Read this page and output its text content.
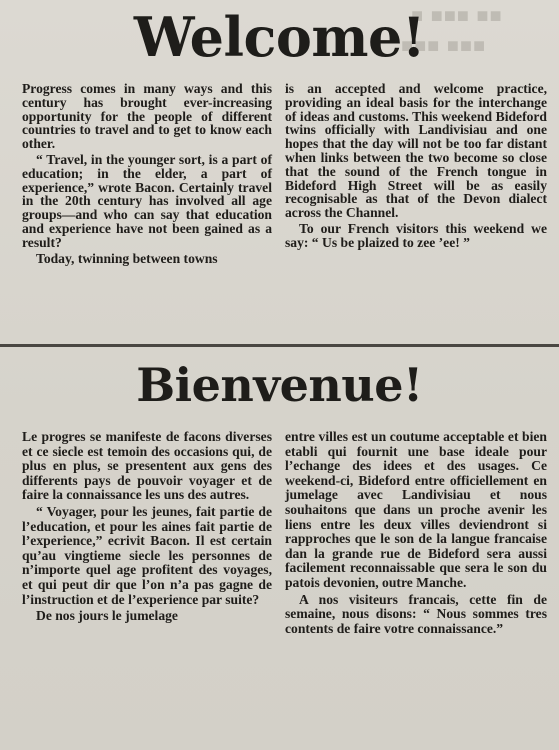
■ ■■■ ■■
■■■ ■■■
Welcome!

Progress comes in many ways and this century has brought ever-increasing opportunity for the people of different countries to travel and to get to know each other.

“ Travel, in the younger sort, is a part of education; in the elder, a part of experience,” wrote Bacon. Certainly travel in the 20th century has involved all age groups—and who can say that education and experience have not been gained as a result?

Today, twinning between towns

is an accepted and welcome practice, providing an ideal basis for the interchange of ideas and customs. This weekend Bideford twins officially with Landivisiau and one hopes that the day will not be too far distant when links between the two become so close that the sound of the French tongue in Bideford High Street will be as easily recognisable as that of the Devon dialect across the Channel.

To our French visitors this weekend we say: “ Us be plaized to zee ’ee! ”

Bienvenue!

Le progres se manifeste de facons diverses et ce siecle est temoin des occasions qui, de plus en plus, se presentent aux gens des differents pays de pouvoir voyager et de faire la connaissance les uns des autres.

“ Voyager, pour les jeunes, fait partie de l’education, et pour les aines fait partie de l’experience,” ecrivit Bacon. Il est certain qu’au vingtieme siecle les personnes de n’importe quel age profitent des voyages, et qui peut dir que l’on n’a pas gagne de l’instruction et de l’experience par suite?

De nos jours le jumelage

entre villes est un coutume acceptable et bien etabli qui fournit une base ideale pour l’echange des idees et des usages. Ce weekend-ci, Bideford entre officiellement en jumelage avec Landivisiau et nous souhaitons que dans un proche avenir les liens entre les deux villes deviendront si rapproches que le son de la langue francaise dan la grande rue de Bideford sera aussi facilement reconnaissable que sera le son du patois devonien, outre Manche.

A nos visiteurs francais, cette fin de semaine, nous disons: “ Nous sommes tres contents de faire votre connaissance.”
